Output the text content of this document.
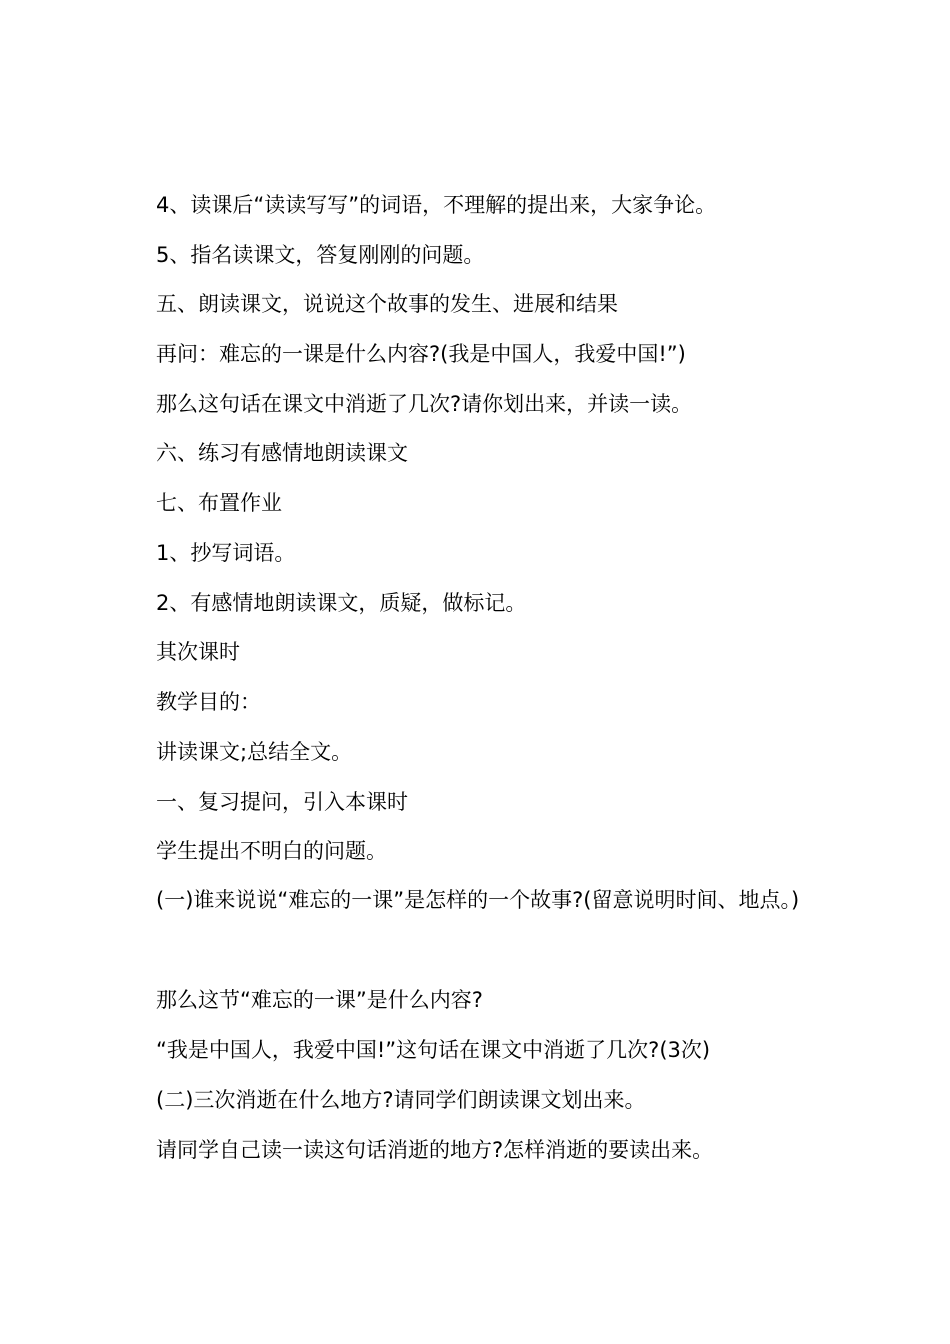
4、读课后“读读写写”的词语，不理解的提出来，大家争论。
5、指名读课文，答复刚刚的问题。
五、朗读课文，说说这个故事的发生、进展和结果
再问：难忘的一课是什么内容?(我是中国人，我爱中国!”)
那么这句话在课文中消逝了几次?请你划出来，并读一读。
六、练习有感情地朗读课文
七、布置作业
1、抄写词语。
2、有感情地朗读课文，质疑，做标记。
其次课时
教学目的：
讲读课文;总结全文。
一、复习提问，引入本课时
学生提出不明白的问题。
(一)谁来说说“难忘的一课”是怎样的一个故事?(留意说明时间、地点。)
那么这节“难忘的一课”是什么内容?
“我是中国人，我爱中国!”这句话在课文中消逝了几次?(3次)
(二)三次消逝在什么地方?请同学们朗读课文划出来。
请同学自己读一读这句话消逝的地方?怎样消逝的要读出来。
